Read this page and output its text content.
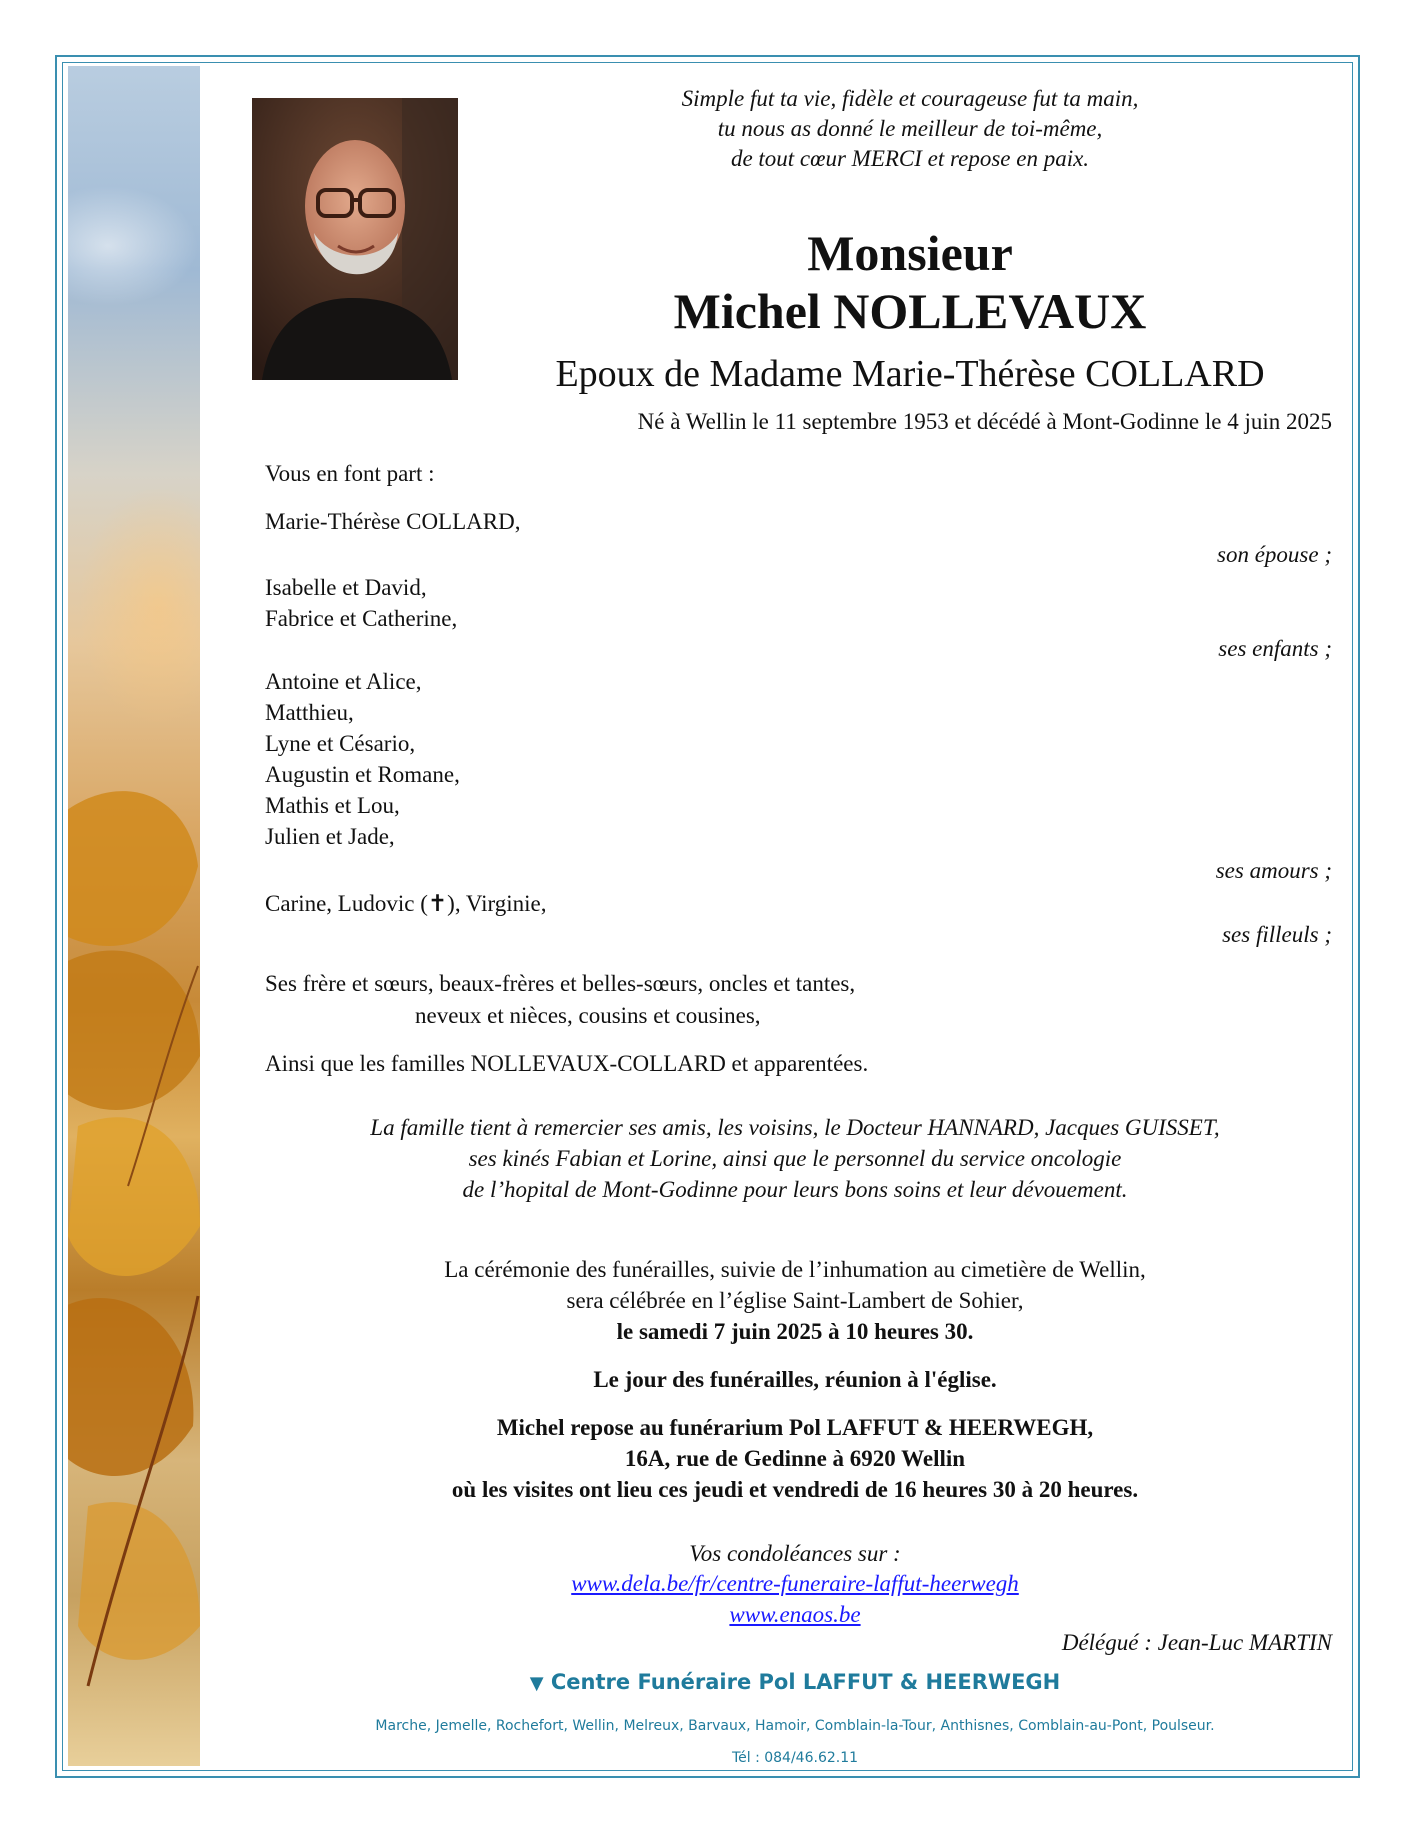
Simple fut ta vie, fidèle et courageuse fut ta main,
tu nous as donné le meilleur de toi-même,
de tout cœur MERCI et repose en paix.
Monsieur
Michel NOLLEVAUX
Epoux de Madame Marie-Thérèse COLLARD
Né à Wellin le 11 septembre 1953 et décédé à Mont-Godinne le 4 juin 2025
Vous en font part :
Marie-Thérèse COLLARD,
son épouse ;
Isabelle et David,
Fabrice et Catherine,
ses enfants ;
Antoine et Alice,
Matthieu,
Lyne et Césario,
Augustin et Romane,
Mathis et Lou,
Julien et Jade,
ses amours ;
Carine, Ludovic (✝), Virginie,
ses filleuls ;
Ses frère et sœurs, beaux-frères et belles-sœurs, oncles et tantes,
neveux et nièces, cousins et cousines,
Ainsi que les familles NOLLEVAUX-COLLARD et apparentées.
La famille tient à remercier ses amis, les voisins, le Docteur HANNARD, Jacques GUISSET,
ses kinés Fabian et Lorine, ainsi que le personnel du service oncologie
de l’hopital de Mont-Godinne pour leurs bons soins et leur dévouement.
La cérémonie des funérailles, suivie de l’inhumation au cimetière de Wellin,
sera célébrée en l’église Saint-Lambert de Sohier,
le samedi 7 juin 2025 à 10 heures 30.
Le jour des funérailles, réunion à l'église.
Michel repose au funérarium Pol LAFFUT & HEERWEGH,
16A, rue de Gedinne à 6920 Wellin
où les visites ont lieu ces jeudi et vendredi de 16 heures 30 à 20 heures.
Vos condoléances sur :
www.dela.be/fr/centre-funeraire-laffut-heerwegh
www.enaos.be
Délégué : Jean-Luc MARTIN
▼ Centre Funéraire Pol LAFFUT & HEERWEGH
Marche, Jemelle, Rochefort, Wellin, Melreux, Barvaux, Hamoir, Comblain-la-Tour, Anthisnes, Comblain-au-Pont, Poulseur.
Tél : 084/46.62.11
